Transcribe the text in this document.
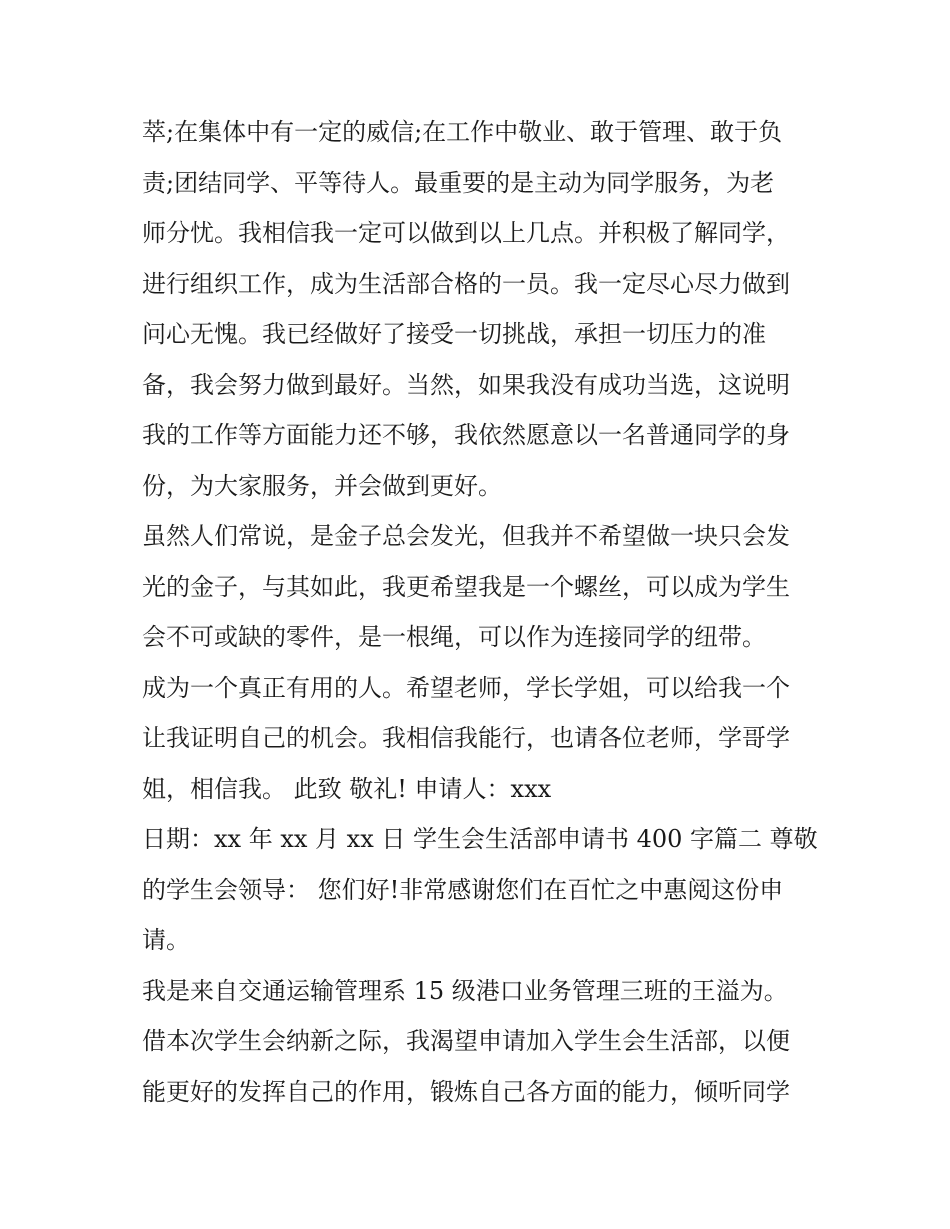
萃;在集体中有一定的威信;在工作中敬业、敢于管理、敢于负
责;团结同学、平等待人。最重要的是主动为同学服务，为老
师分忧。我相信我一定可以做到以上几点。并积极了解同学，
进行组织工作，成为生活部合格的一员。我一定尽心尽力做到
问心无愧。我已经做好了接受一切挑战，承担一切压力的准
备，我会努力做到最好。当然，如果我没有成功当选，这说明
我的工作等方面能力还不够，我依然愿意以一名普通同学的身
份，为大家服务，并会做到更好。
虽然人们常说，是金子总会发光，但我并不希望做一块只会发
光的金子，与其如此，我更希望我是一个螺丝，可以成为学生
会不可或缺的零件，是一根绳，可以作为连接同学的纽带。
成为一个真正有用的人。希望老师，学长学姐，可以给我一个
让我证明自己的机会。我相信我能行，也请各位老师，学哥学
姐，相信我。 此致 敬礼! 申请人：xxx
日期：xx 年 xx 月 xx 日 学生会生活部申请书 400 字篇二 尊敬
的学生会领导： 您们好!非常感谢您们在百忙之中惠阅这份申
请。
我是来自交通运输管理系 15 级港口业务管理三班的王溢为。
借本次学生会纳新之际，我渴望申请加入学生会生活部，以便
能更好的发挥自己的作用，锻炼自己各方面的能力，倾听同学
